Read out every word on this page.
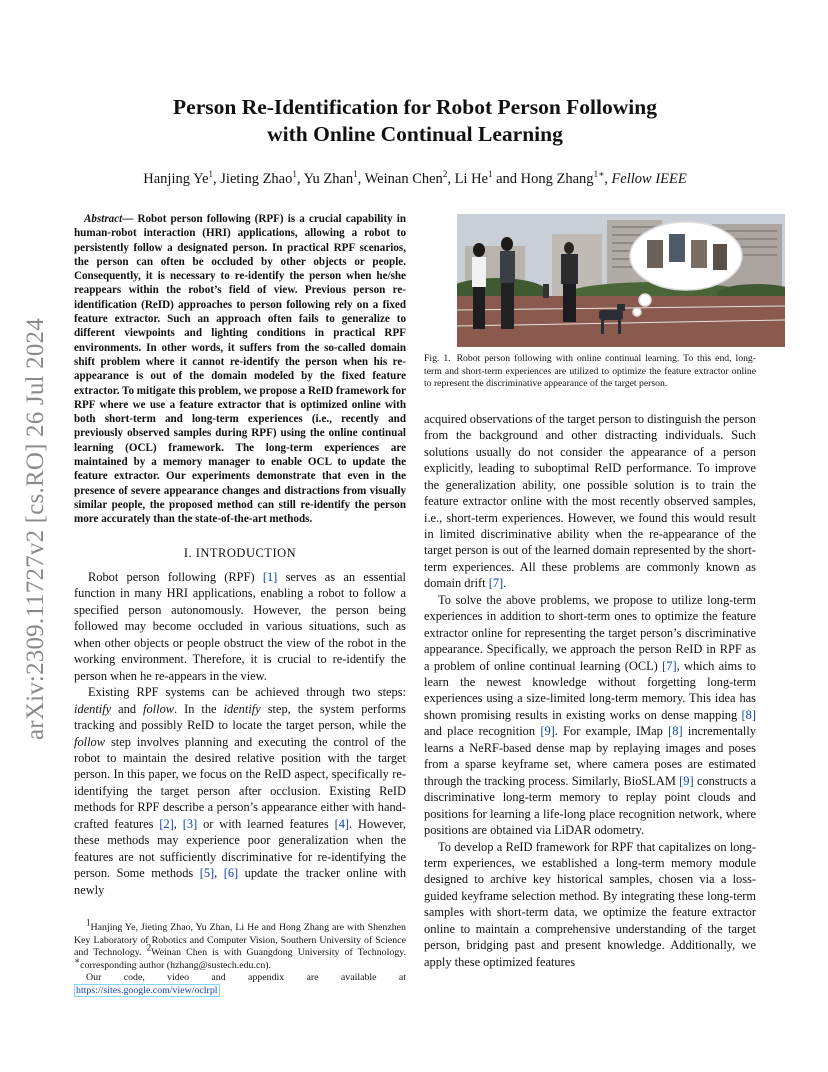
arXiv:2309.11727v2 [cs.RO] 26 Jul 2024
Person Re-Identification for Robot Person Following
with Online Continual Learning
Hanjing Ye$^1$, Jieting Zhao$^1$, Yu Zhan$^1$, Weinan Chen$^2$, Li He$^1$ and Hong Zhang$^{1∗}$, Fellow IEEE

Abstract— Robot person following (RPF) is a crucial capability in human-robot interaction (HRI) applications, allowing a robot to persistently follow a designated person. In practical RPF scenarios, the person can often be occluded by other objects or people. Consequently, it is necessary to re-identify the person when he/she reappears within the robot’s field of view. Previous person re-identification (ReID) approaches to person following rely on a fixed feature extractor. Such an approach often fails to generalize to different viewpoints and lighting conditions in practical RPF environments. In other words, it suffers from the so-called domain shift problem where it cannot re-identify the person when his re-appearance is out of the domain modeled by the fixed feature extractor. To mitigate this problem, we propose a ReID framework for RPF where we use a feature extractor that is optimized online with both short-term and long-term experiences (i.e., recently and previously observed samples during RPF) using the online continual learning (OCL) framework. The long-term experiences are maintained by a memory manager to enable OCL to update the feature extractor. Our experiments demonstrate that even in the presence of severe appearance changes and distractions from visually similar people, the proposed method can still re-identify the person more accurately than the state-of-the-art methods.

I. INTRODUCTION

Robot person following (RPF) [1] serves as an essential function in many HRI applications, enabling a robot to follow a specified person autonomously. However, the person being followed may become occluded in various situations, such as when other objects or people obstruct the view of the robot in the working environment. Therefore, it is crucial to re-identify the person when he re-appears in the view.

Existing RPF systems can be achieved through two steps: identify and follow. In the identify step, the system performs tracking and possibly ReID to locate the target person, while the follow step involves planning and executing the control of the robot to maintain the desired relative position with the target person. In this paper, we focus on the ReID aspect, specifically re-identifying the target person after occlusion. Existing ReID methods for RPF describe a person’s appearance either with hand-crafted features [2], [3] or with learned features [4]. However, these methods may experience poor generalization when the features are not sufficiently discriminative for re-identifying the person. Some methods [5], [6] update the tracker online with newly

$^1$Hanjing Ye, Jieting Zhao, Yu Zhan, Li He and Hong Zhang are with Shenzhen Key Laboratory of Robotics and Computer Vision, Southern University of Science and Technology. $^2$Weinan Chen is with Guangdong University of Technology. ∗corresponding author (hzhang@sustech.edu.cn).

Our code, video and appendix are available at https://sites.google.com/view/oclrpl

Fig. 1. Robot person following with online continual learning. To this end, long-term and short-term experiences are utilized to optimize the feature extractor online to represent the discriminative appearance of the target person.

acquired observations of the target person to distinguish the person from the background and other distracting individuals. Such solutions usually do not consider the appearance of a person explicitly, leading to suboptimal ReID performance. To improve the generalization ability, one possible solution is to train the feature extractor online with the most recently observed samples, i.e., short-term experiences. However, we found this would result in limited discriminative ability when the re-appearance of the target person is out of the learned domain represented by the short-term experiences. All these problems are commonly known as domain drift [7].

To solve the above problems, we propose to utilize long-term experiences in addition to short-term ones to optimize the feature extractor online for representing the target person’s discriminative appearance. Specifically, we approach the person ReID in RPF as a problem of online continual learning (OCL) [7], which aims to learn the newest knowledge without forgetting long-term experiences using a size-limited long-term memory. This idea has shown promising results in existing works on dense mapping [8] and place recognition [9]. For example, IMap [8] incrementally learns a NeRF-based dense map by replaying images and poses from a sparse keyframe set, where camera poses are estimated through the tracking process. Similarly, BioSLAM [9] constructs a discriminative long-term memory to replay point clouds and positions for learning a life-long place recognition network, where positions are obtained via LiDAR odometry.

To develop a ReID framework for RPF that capitalizes on long-term experiences, we established a long-term memory module designed to archive key historical samples, chosen via a loss-guided keyframe selection method. By integrating these long-term samples with short-term data, we optimize the feature extractor online to maintain a comprehensive understanding of the target person, bridging past and present knowledge. Additionally, we apply these optimized features
